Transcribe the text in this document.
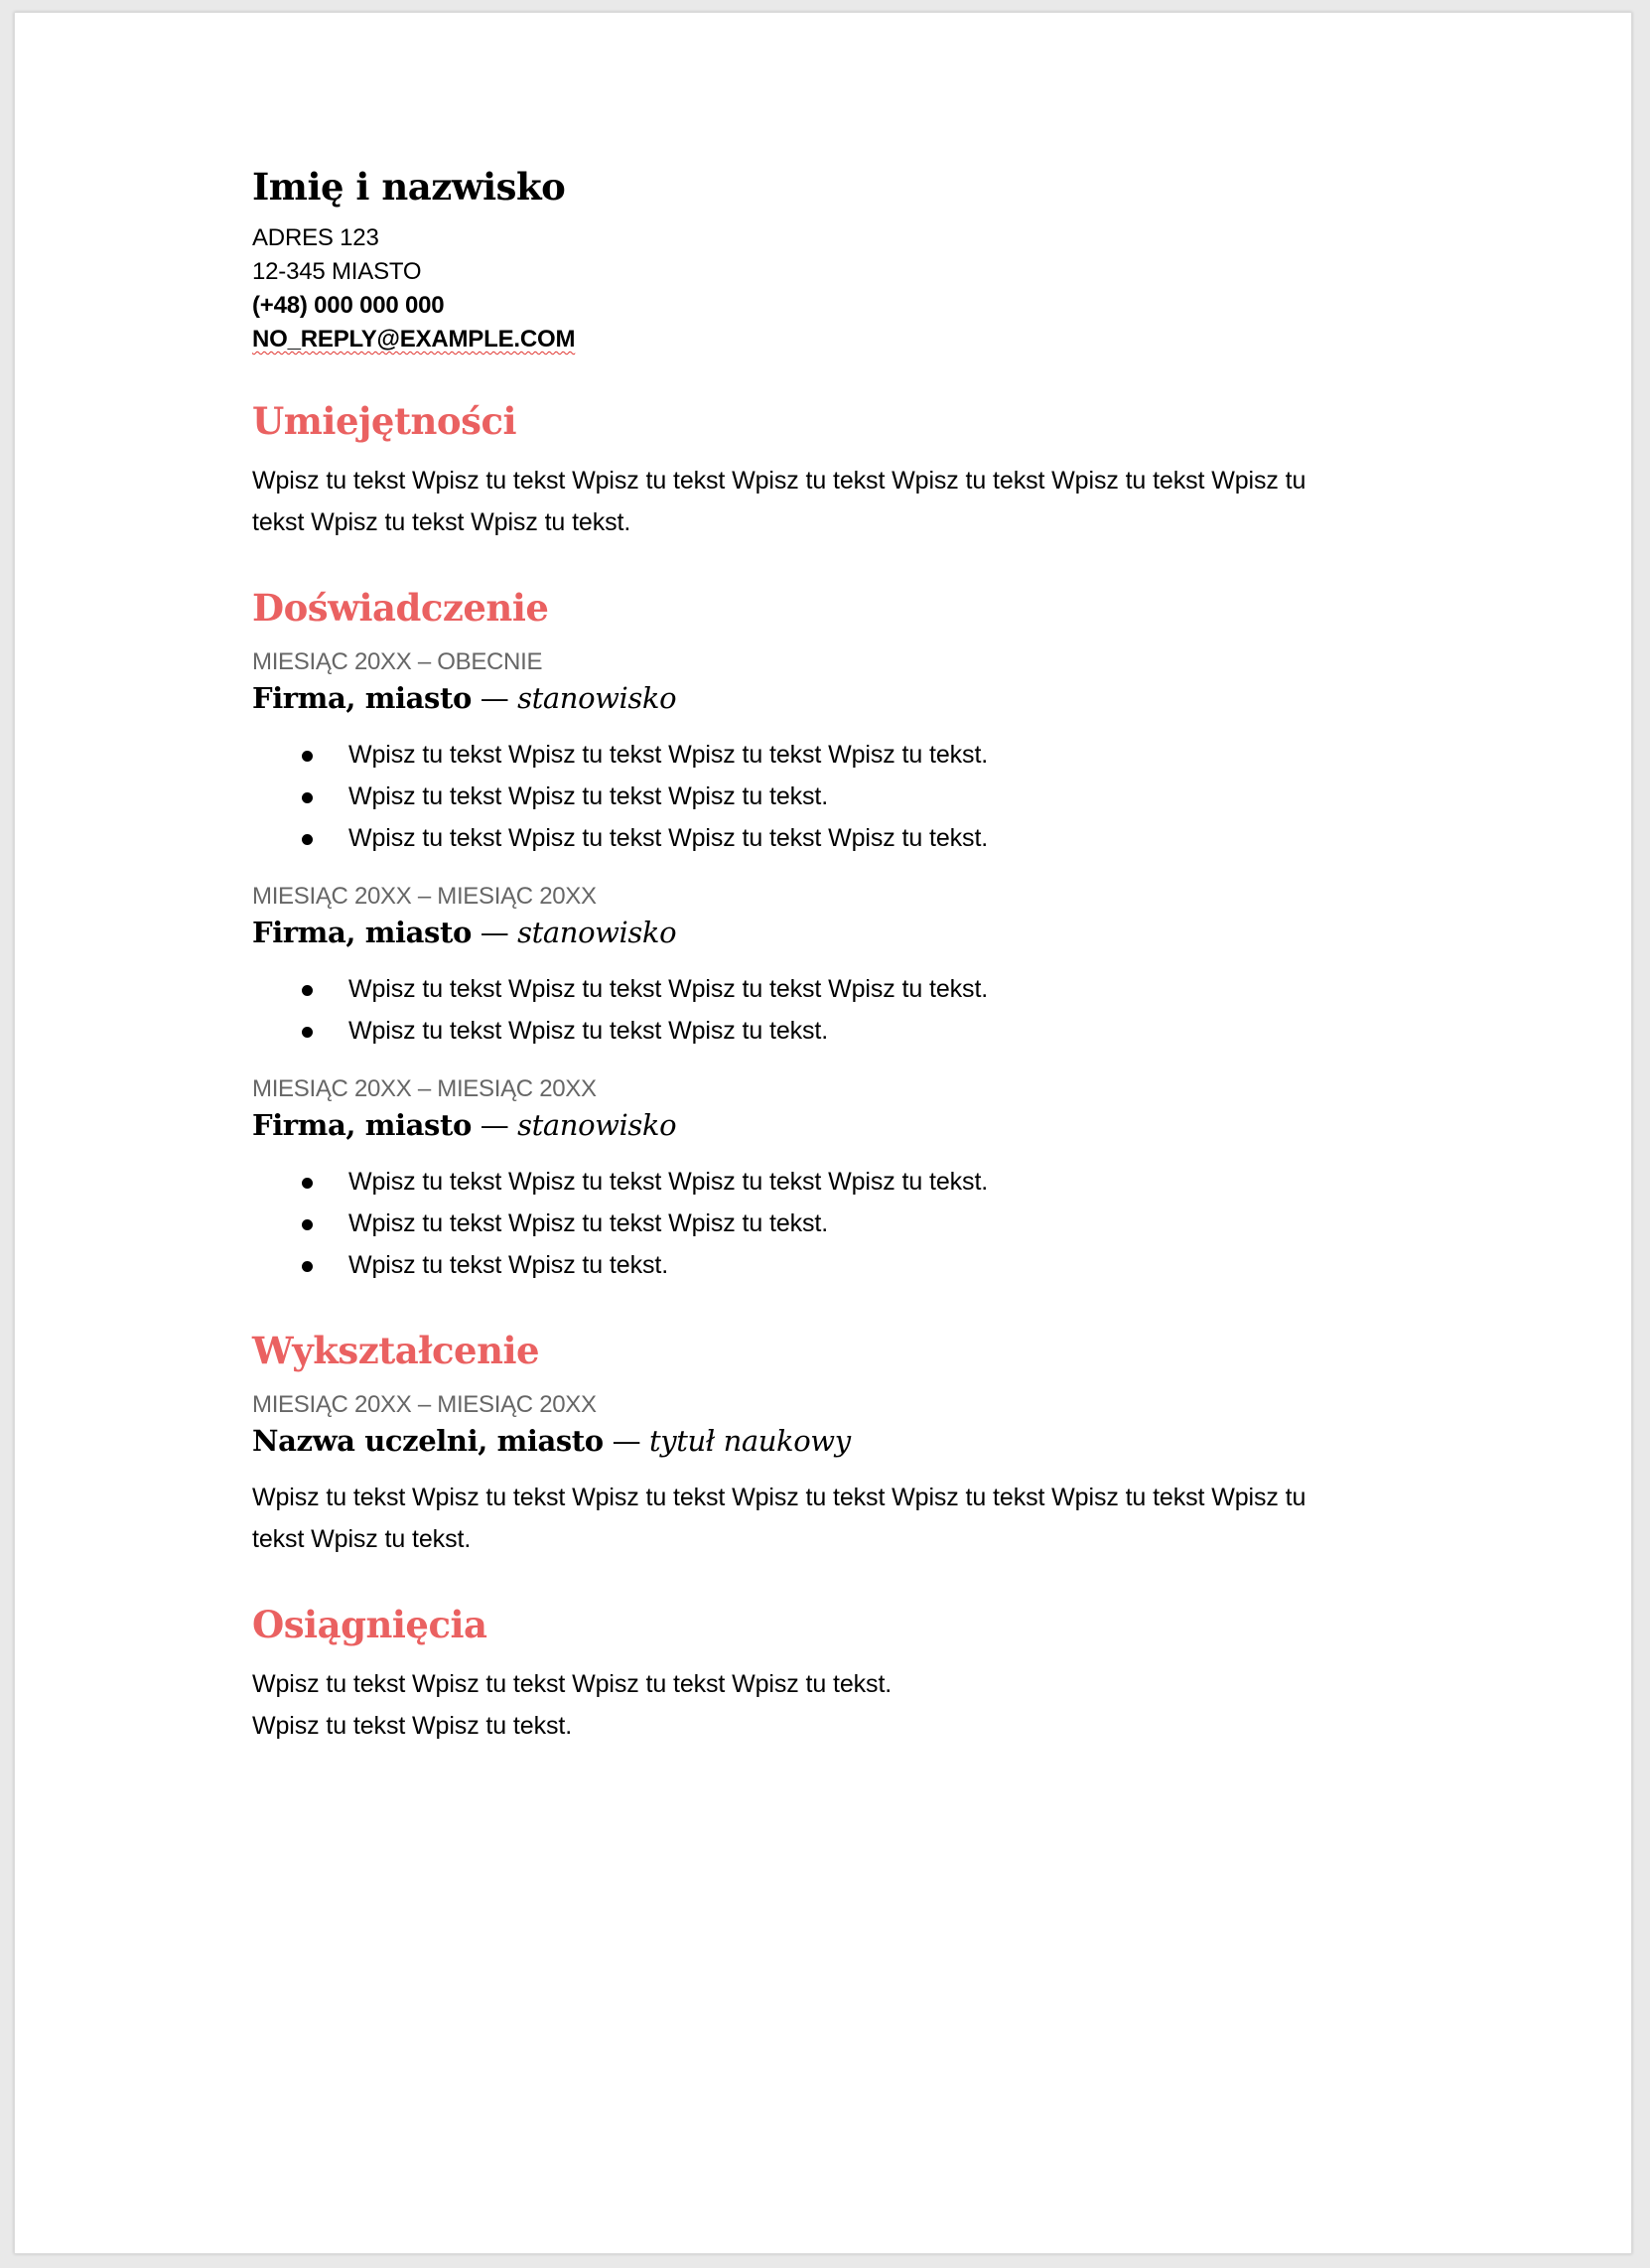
Imię i nazwisko
ADRES 123
12-345 MIASTO
(+48) 000 000 000
NO_REPLY@EXAMPLE.COM
Umiejętności
Wpisz tu tekst Wpisz tu tekst Wpisz tu tekst Wpisz tu tekst Wpisz tu tekst Wpisz tu tekst Wpisz tu
tekst Wpisz tu tekst Wpisz tu tekst.
Doświadczenie
MIESIĄC 20XX – OBECNIE
Firma, miasto — stanowisko
Wpisz tu tekst Wpisz tu tekst Wpisz tu tekst Wpisz tu tekst.
Wpisz tu tekst Wpisz tu tekst Wpisz tu tekst.
Wpisz tu tekst Wpisz tu tekst Wpisz tu tekst Wpisz tu tekst.
MIESIĄC 20XX – MIESIĄC 20XX
Firma, miasto — stanowisko
Wpisz tu tekst Wpisz tu tekst Wpisz tu tekst Wpisz tu tekst.
Wpisz tu tekst Wpisz tu tekst Wpisz tu tekst.
MIESIĄC 20XX – MIESIĄC 20XX
Firma, miasto — stanowisko
Wpisz tu tekst Wpisz tu tekst Wpisz tu tekst Wpisz tu tekst.
Wpisz tu tekst Wpisz tu tekst Wpisz tu tekst.
Wpisz tu tekst Wpisz tu tekst.
Wykształcenie
MIESIĄC 20XX – MIESIĄC 20XX
Nazwa uczelni, miasto — tytuł naukowy
Wpisz tu tekst Wpisz tu tekst Wpisz tu tekst Wpisz tu tekst Wpisz tu tekst Wpisz tu tekst Wpisz tu
tekst Wpisz tu tekst.
Osiągnięcia
Wpisz tu tekst Wpisz tu tekst Wpisz tu tekst Wpisz tu tekst.
Wpisz tu tekst Wpisz tu tekst.
